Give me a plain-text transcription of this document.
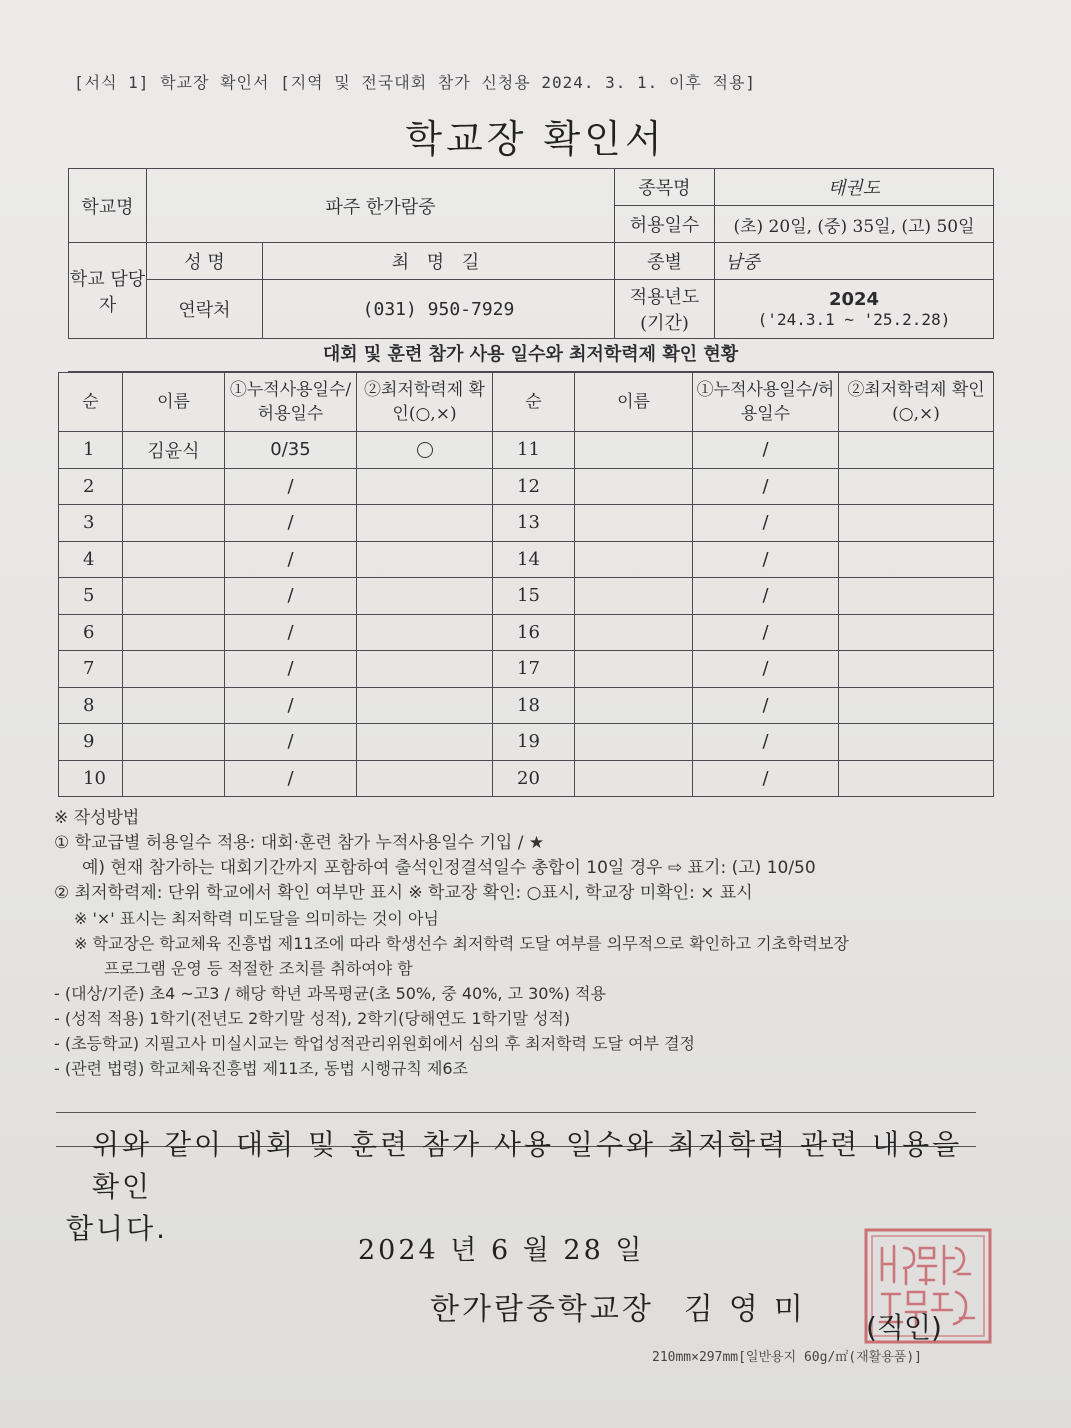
[서식 1] 학교장 확인서 [지역 및 전국대회 참가 신청용 2024. 3. 1. 이후 적용]
학교장 확인서
학교명	파주 한가람중		종목명	태권도
			허용일수	(초) 20일, (중) 35일, (고) 50일
학교 담당자	성 명	최 명 길	종별	남중
	연락처	(031) 950-7929	적용년도 (기간)	2024
('24.3.1 ~ '25.2.28)
대회 및 훈련 참가 사용 일수와 최저학력제 확인 현황
순	이름	①누적사용일수/허용일수	②최저학력제 확인(○,×)	순	이름	①누적사용일수/허용일수	②최저학력제 확인(○,×)
1	김윤식	0/35		11		/	
2		/		12		/	
3		/		13		/	
4		/		14		/	
5		/		15		/	
6		/		16		/	
7		/		17		/	
8		/		18		/	
9		/		19		/	
10		/		20		/	
※ 작성방법
① 학교급별 허용일수 적용: 대회·훈련 참가 누적사용일수 기입 / ★
예) 현재 참가하는 대회기간까지 포함하여 출석인정결석일수 총합이 10일 경우 ⇨ 표기: (고) 10/50
② 최저학력제: 단위 학교에서 확인 여부만 표시 ※ 학교장 확인: ○표시, 학교장 미확인: × 표시
※ '×' 표시는 최저학력 미도달을 의미하는 것이 아님
※ 학교장은 학교체육 진흥법 제11조에 따라 학생선수 최저학력 도달 여부를 의무적으로 확인하고 기초학력보장
프로그램 운영 등 적절한 조치를 취하여야 함
- (대상/기준) 초4 ~고3 / 해당 학년 과목평균(초 50%, 중 40%, 고 30%) 적용
- (성적 적용) 1학기(전년도 2학기말 성적), 2학기(당해연도 1학기말 성적)
- (초등학교) 지필고사 미실시교는 학업성적관리위원회에서 심의 후 최저학력 도달 여부 결정
- (관련 법령) 학교체육진흥법 제11조, 동법 시행규칙 제6조
위와 같이 대회 및 훈련 참가 사용 일수와 최저학력 관련 내용을 확인
합니다.
2024 년 6 월 28 일
한가람중학교장 김영미
(직인)
210mm×297mm[일반용지 60g/㎡(재활용품)]
